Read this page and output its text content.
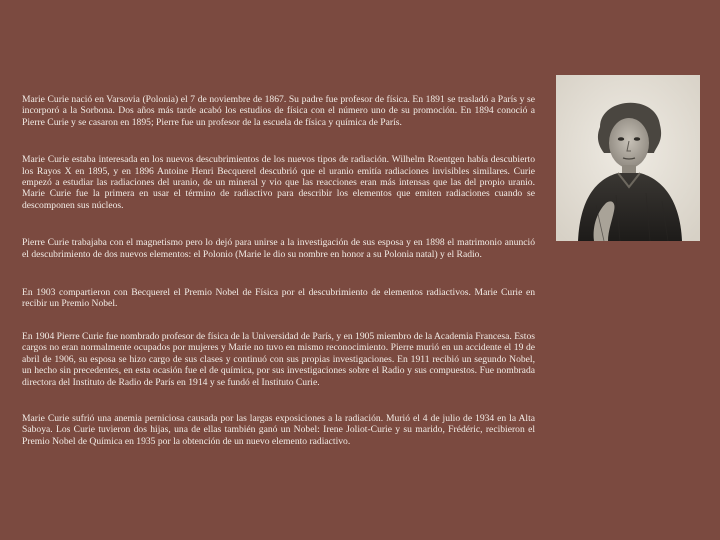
Marie Curie nació en Varsovia (Polonia) el 7 de noviembre de 1867. Su padre fue profesor de física. En 1891 se trasladó a París y se incorporó a la Sorbona. Dos años más tarde acabó los estudios de física con el número uno de su promoción. En 1894 conoció a Pierre Curie y se casaron en 1895; Pierre fue un profesor de la escuela de física y química de París.

Marie Curie estaba interesada en los nuevos descubrimientos de los nuevos tipos de radiación. Wilhelm Roentgen había descubierto los Rayos X en 1895, y en 1896 Antoine Henri Becquerel descubrió que el uranio emitía radiaciones invisibles similares. Curie empezó a estudiar las radiaciones del uranio, de un mineral y vio que las reacciones eran más intensas que las del propio uranio. Marie Curie fue la primera en usar el término de radiactivo para describir los elementos que emiten radiaciones cuando se descomponen sus núcleos.

Pierre Curie trabajaba con el magnetismo pero lo dejó para unirse a la investigación de sus esposa y en 1898 el matrimonio anunció el descubrimiento de dos nuevos elementos: el Polonio (Marie le dio su nombre en honor a su Polonia natal) y el Radio.

En 1903 compartieron con Becquerel el Premio Nobel de Física por el descubrimiento de elementos radiactivos. Marie Curie en recibir un Premio Nobel.

En 1904 Pierre Curie fue nombrado profesor de física de la Universidad de París, y en 1905 miembro de la Academia Francesa. Estos cargos no eran normalmente ocupados por mujeres y Marie no tuvo en mismo reconocimiento. Pierre murió en un accidente el 19 de abril de 1906, su esposa se hizo cargo de sus clases y continuó con sus propias investigaciones. En 1911 recibió un segundo Nobel, un hecho sin precedentes, en esta ocasión fue el de química, por sus investigaciones sobre el Radio y sus compuestos. Fue nombrada directora del Instituto de Radio de París en 1914 y se fundó el Instituto Curie.

Marie Curie sufrió una anemia perniciosa causada por las largas exposiciones a la radiación. Murió el 4 de julio de 1934 en la Alta Saboya. Los Curie tuvieron dos hijas, una de ellas también ganó un Nobel: Irene Joliot-Curie y su marido, Frédéric, recibieron el Premio Nobel de Química en 1935 por la obtención de un nuevo elemento radiactivo.
